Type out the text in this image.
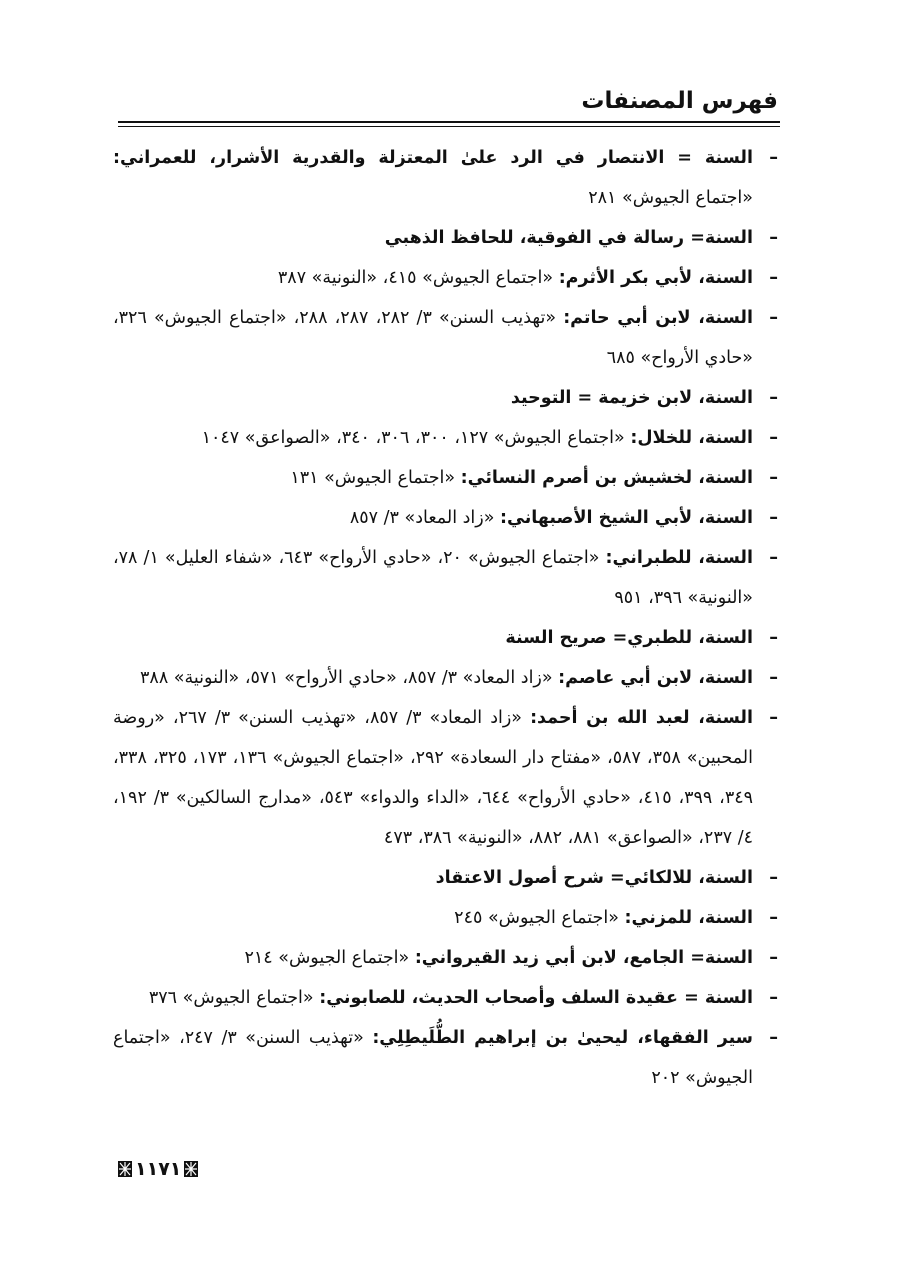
فهرس المصنفات
–
السنة = الانتصار في الرد علىٰ المعتزلة والقدرية الأشرار، للعمراني: «اجتماع الجيوش» ٢٨١
–
السنة= رسالة في الفوقية، للحافظ الذهبي
–
السنة، لأبي بكر الأثرم: «اجتماع الجيوش» ٤١٥، «النونية» ٣٨٧
–
السنة، لابن أبي حاتم: «تهذيب السنن» ٣/ ٢٨٢، ٢٨٧، ٢٨٨، «اجتماع الجيوش» ٣٢٦، «حادي الأرواح» ٦٨٥
–
السنة، لابن خزيمة = التوحيد
–
السنة، للخلال: «اجتماع الجيوش» ١٢٧، ٣٠٠، ٣٠٦، ٣٤٠، «الصواعق» ١٠٤٧
–
السنة، لخشيش بن أصرم النسائي: «اجتماع الجيوش» ١٣١
–
السنة، لأبي الشيخ الأصبهاني: «زاد المعاد» ٣/ ٨٥٧
–
السنة، للطبراني: «اجتماع الجيوش» ٢٠، «حادي الأرواح» ٦٤٣، «شفاء العليل» ١/ ٧٨، «النونية» ٣٩٦، ٩٥١
–
السنة، للطبري= صريح السنة
–
السنة، لابن أبي عاصم: «زاد المعاد» ٣/ ٨٥٧، «حادي الأرواح» ٥٧١، «النونية» ٣٨٨
–
السنة، لعبد الله بن أحمد: «زاد المعاد» ٣/ ٨٥٧، «تهذيب السنن» ٣/ ٢٦٧، «روضة المحبين» ٣٥٨، ٥٨٧، «مفتاح دار السعادة» ٢٩٢، «اجتماع الجيوش» ١٣٦، ١٧٣، ٣٢٥، ٣٣٨، ٣٤٩، ٣٩٩، ٤١٥، «حادي الأرواح» ٦٤٤، «الداء والدواء» ٥٤٣، «مدارج السالكين» ٣/ ١٩٢، ٤/ ٢٣٧، «الصواعق» ٨٨١، ٨٨٢، «النونية» ٣٨٦، ٤٧٣
–
السنة، للالكائي= شرح أصول الاعتقاد
–
السنة، للمزني: «اجتماع الجيوش» ٢٤٥
–
السنة= الجامع، لابن أبي زيد القيرواني: «اجتماع الجيوش» ٢١٤
–
السنة = عقيدة السلف وأصحاب الحديث، للصابوني: «اجتماع الجيوش» ٣٧٦
–
سير الفقهاء، ليحيىٰ بن إبراهيم الطُّلَيطِلِي: «تهذيب السنن» ٣/ ٢٤٧، «اجتماع الجيوش» ٢٠٢
١١٧١
